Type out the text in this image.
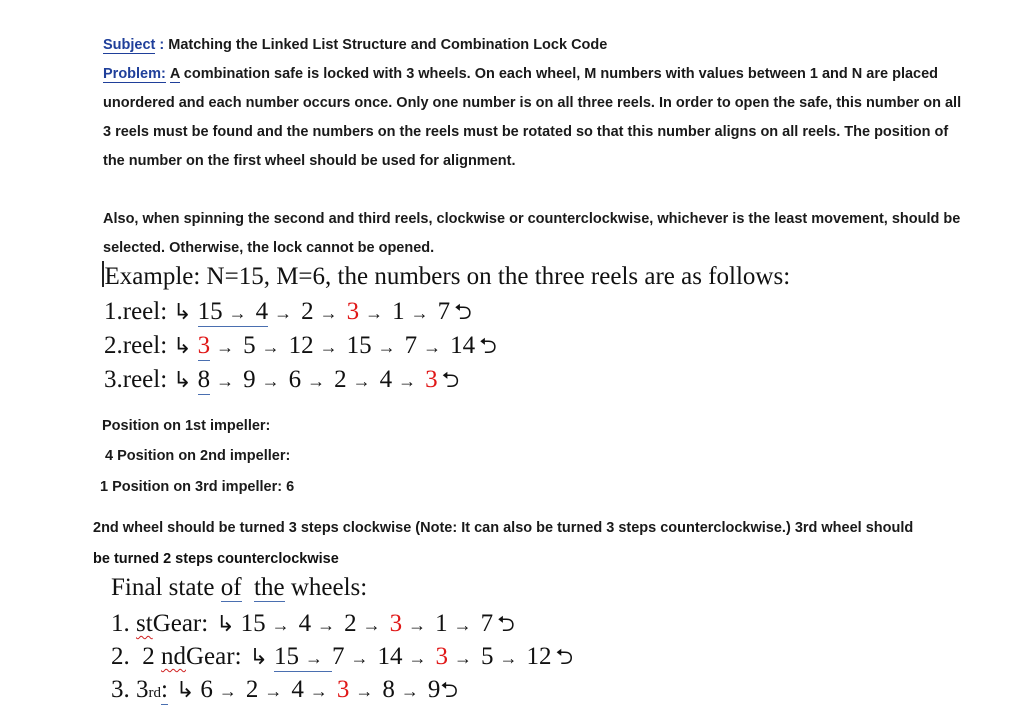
Subject : Matching the Linked List Structure and Combination Lock Code
Problem: A combination safe is locked with 3 wheels. On each wheel, M numbers with values between 1 and N are placed
unordered and each number occurs once. Only one number is on all three reels. In order to open the safe, this number on all
3 reels must be found and the numbers on the reels must be rotated so that this number aligns on all reels. The position of
the number on the first wheel should be used for alignment.
Also, when spinning the second and third reels, clockwise or counterclockwise, whichever is the least movement, should be
selected. Otherwise, the lock cannot be opened.
Example: N=15, M=6, the numbers on the three reels are as follows:
1.reel: ↳ 15 → 4 → 2 → 3 → 1 → 7 ⮌
2.reel: ↳ 3 → 5 → 12 → 15 → 7 → 14 ⮌
3.reel: ↳ 8 → 9 → 6 → 2 → 4 → 3 ⮌
Position on 1st impeller:
4 Position on 2nd impeller:
1 Position on 3rd impeller: 6
2nd wheel should be turned 3 steps clockwise (Note: It can also be turned 3 steps counterclockwise.) 3rd wheel should
be turned 2 steps counterclockwise
Final state of the wheels:
1. st Gear: ↳ 15 → 4 → 2 → 3 → 1 → 7 ⮌
2.  2 nd Gear: ↳ 15 → 7 → 14 → 3 → 5 → 12 ⮌
3. 3 rd : ↳ 6 → 2 → 4 → 3 → 8 → 9 ⮌
